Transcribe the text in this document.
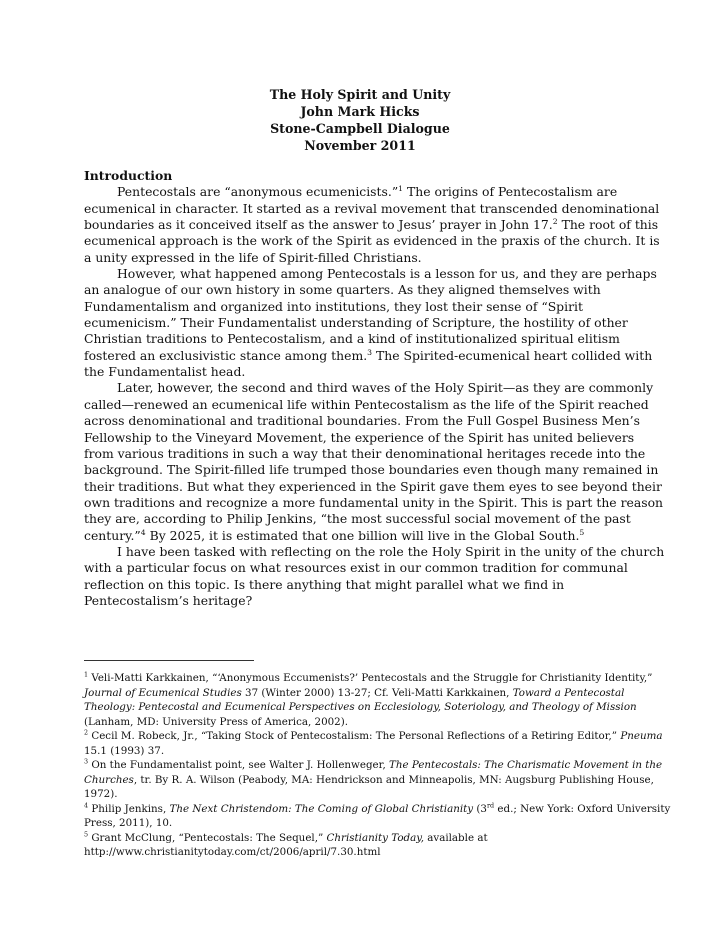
The Holy Spirit and Unity
John Mark Hicks
Stone-Campbell Dialogue
November 2011
Introduction
Pentecostals are “anonymous ecumenicists.”$^1$ The origins of Pentecostalism are
ecumenical in character. It started as a revival movement that transcended denominational
boundaries as it conceived itself as the answer to Jesus’ prayer in John 17.$^2$ The root of this
ecumenical approach is the work of the Spirit as evidenced in the praxis of the church. It is
a unity expressed in the life of Spirit-filled Christians.
However, what happened among Pentecostals is a lesson for us, and they are perhaps
an analogue of our own history in some quarters. As they aligned themselves with
Fundamentalism and organized into institutions, they lost their sense of “Spirit
ecumenicism.” Their Fundamentalist understanding of Scripture, the hostility of other
Christian traditions to Pentecostalism, and a kind of institutionalized spiritual elitism
fostered an exclusivistic stance among them.$^3$ The Spirited-ecumenical heart collided with
the Fundamentalist head.
Later, however, the second and third waves of the Holy Spirit—as they are commonly
called—renewed an ecumenical life within Pentecostalism as the life of the Spirit reached
across denominational and traditional boundaries. From the Full Gospel Business Men’s
Fellowship to the Vineyard Movement, the experience of the Spirit has united believers
from various traditions in such a way that their denominational heritages recede into the
background. The Spirit-filled life trumped those boundaries even though many remained in
their traditions. But what they experienced in the Spirit gave them eyes to see beyond their
own traditions and recognize a more fundamental unity in the Spirit. This is part the reason
they are, according to Philip Jenkins, “the most successful social movement of the past
century.”$^4$ By 2025, it is estimated that one billion will live in the Global South.$^5$
I have been tasked with reflecting on the role the Holy Spirit in the unity of the church
with a particular focus on what resources exist in our common tradition for communal
reflection on this topic. Is there anything that might parallel what we find in
Pentecostalism’s heritage?
$^1$ Veli-Matti Karkkainen, “‘Anonymous Eccumenists?’ Pentecostals and the Struggle for Christianity Identity,”
Journal of Ecumenical Studies 37 (Winter 2000) 13-27; Cf. Veli-Matti Karkkainen, Toward a Pentecostal
Theology: Pentecostal and Ecumenical Perspectives on Ecclesiology, Soteriology, and Theology of Mission
(Lanham, MD: University Press of America, 2002).
$^2$ Cecil M. Robeck, Jr., “Taking Stock of Pentecostalism: The Personal Reflections of a Retiring Editor,” Pneuma
15.1 (1993) 37.
$^3$ On the Fundamentalist point, see Walter J. Hollenweger, The Pentecostals: The Charismatic Movement in the
Churches, tr. By R. A. Wilson (Peabody, MA: Hendrickson and Minneapolis, MN: Augsburg Publishing House,
1972).
$^4$ Philip Jenkins, The Next Christendom: The Coming of Global Christianity (3rd ed.; New York: Oxford University
Press, 2011), 10.
$^5$ Grant McClung, “Pentecostals: The Sequel,” Christianity Today, available at
http://www.christianitytoday.com/ct/2006/april/7.30.html
